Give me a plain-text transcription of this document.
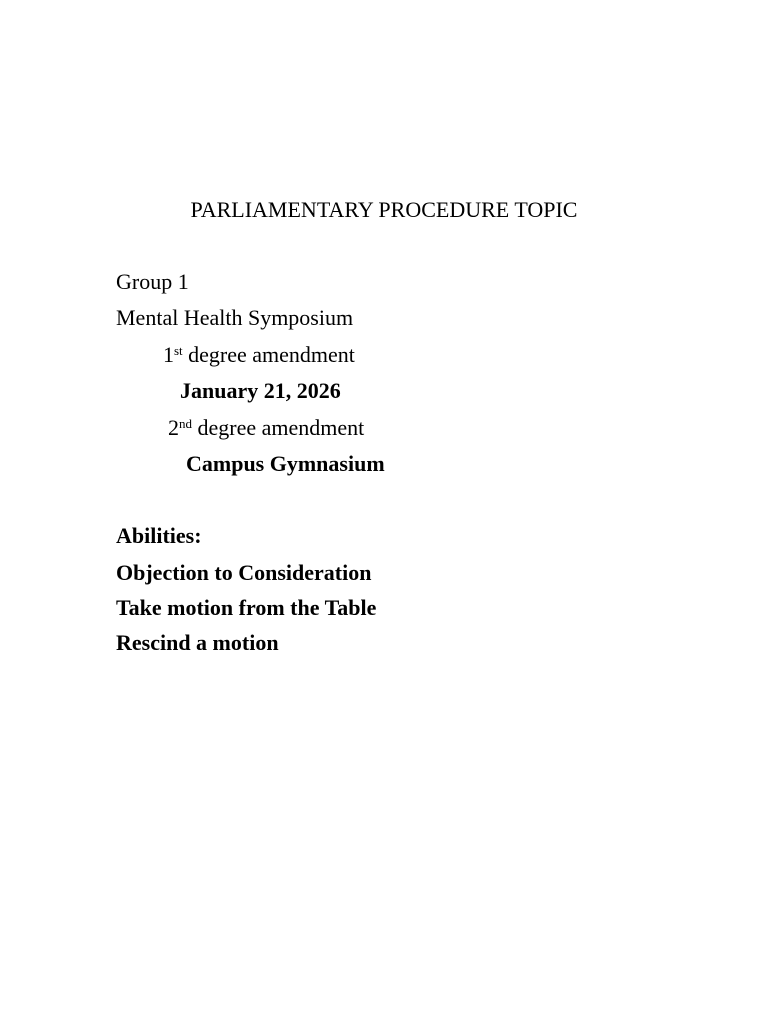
PARLIAMENTARY PROCEDURE TOPIC
Group 1
Mental Health Symposium
1st degree amendment
January 21, 2026
2nd degree amendment
Campus Gymnasium
Abilities:
Objection to Consideration
Take motion from the Table
Rescind a motion
